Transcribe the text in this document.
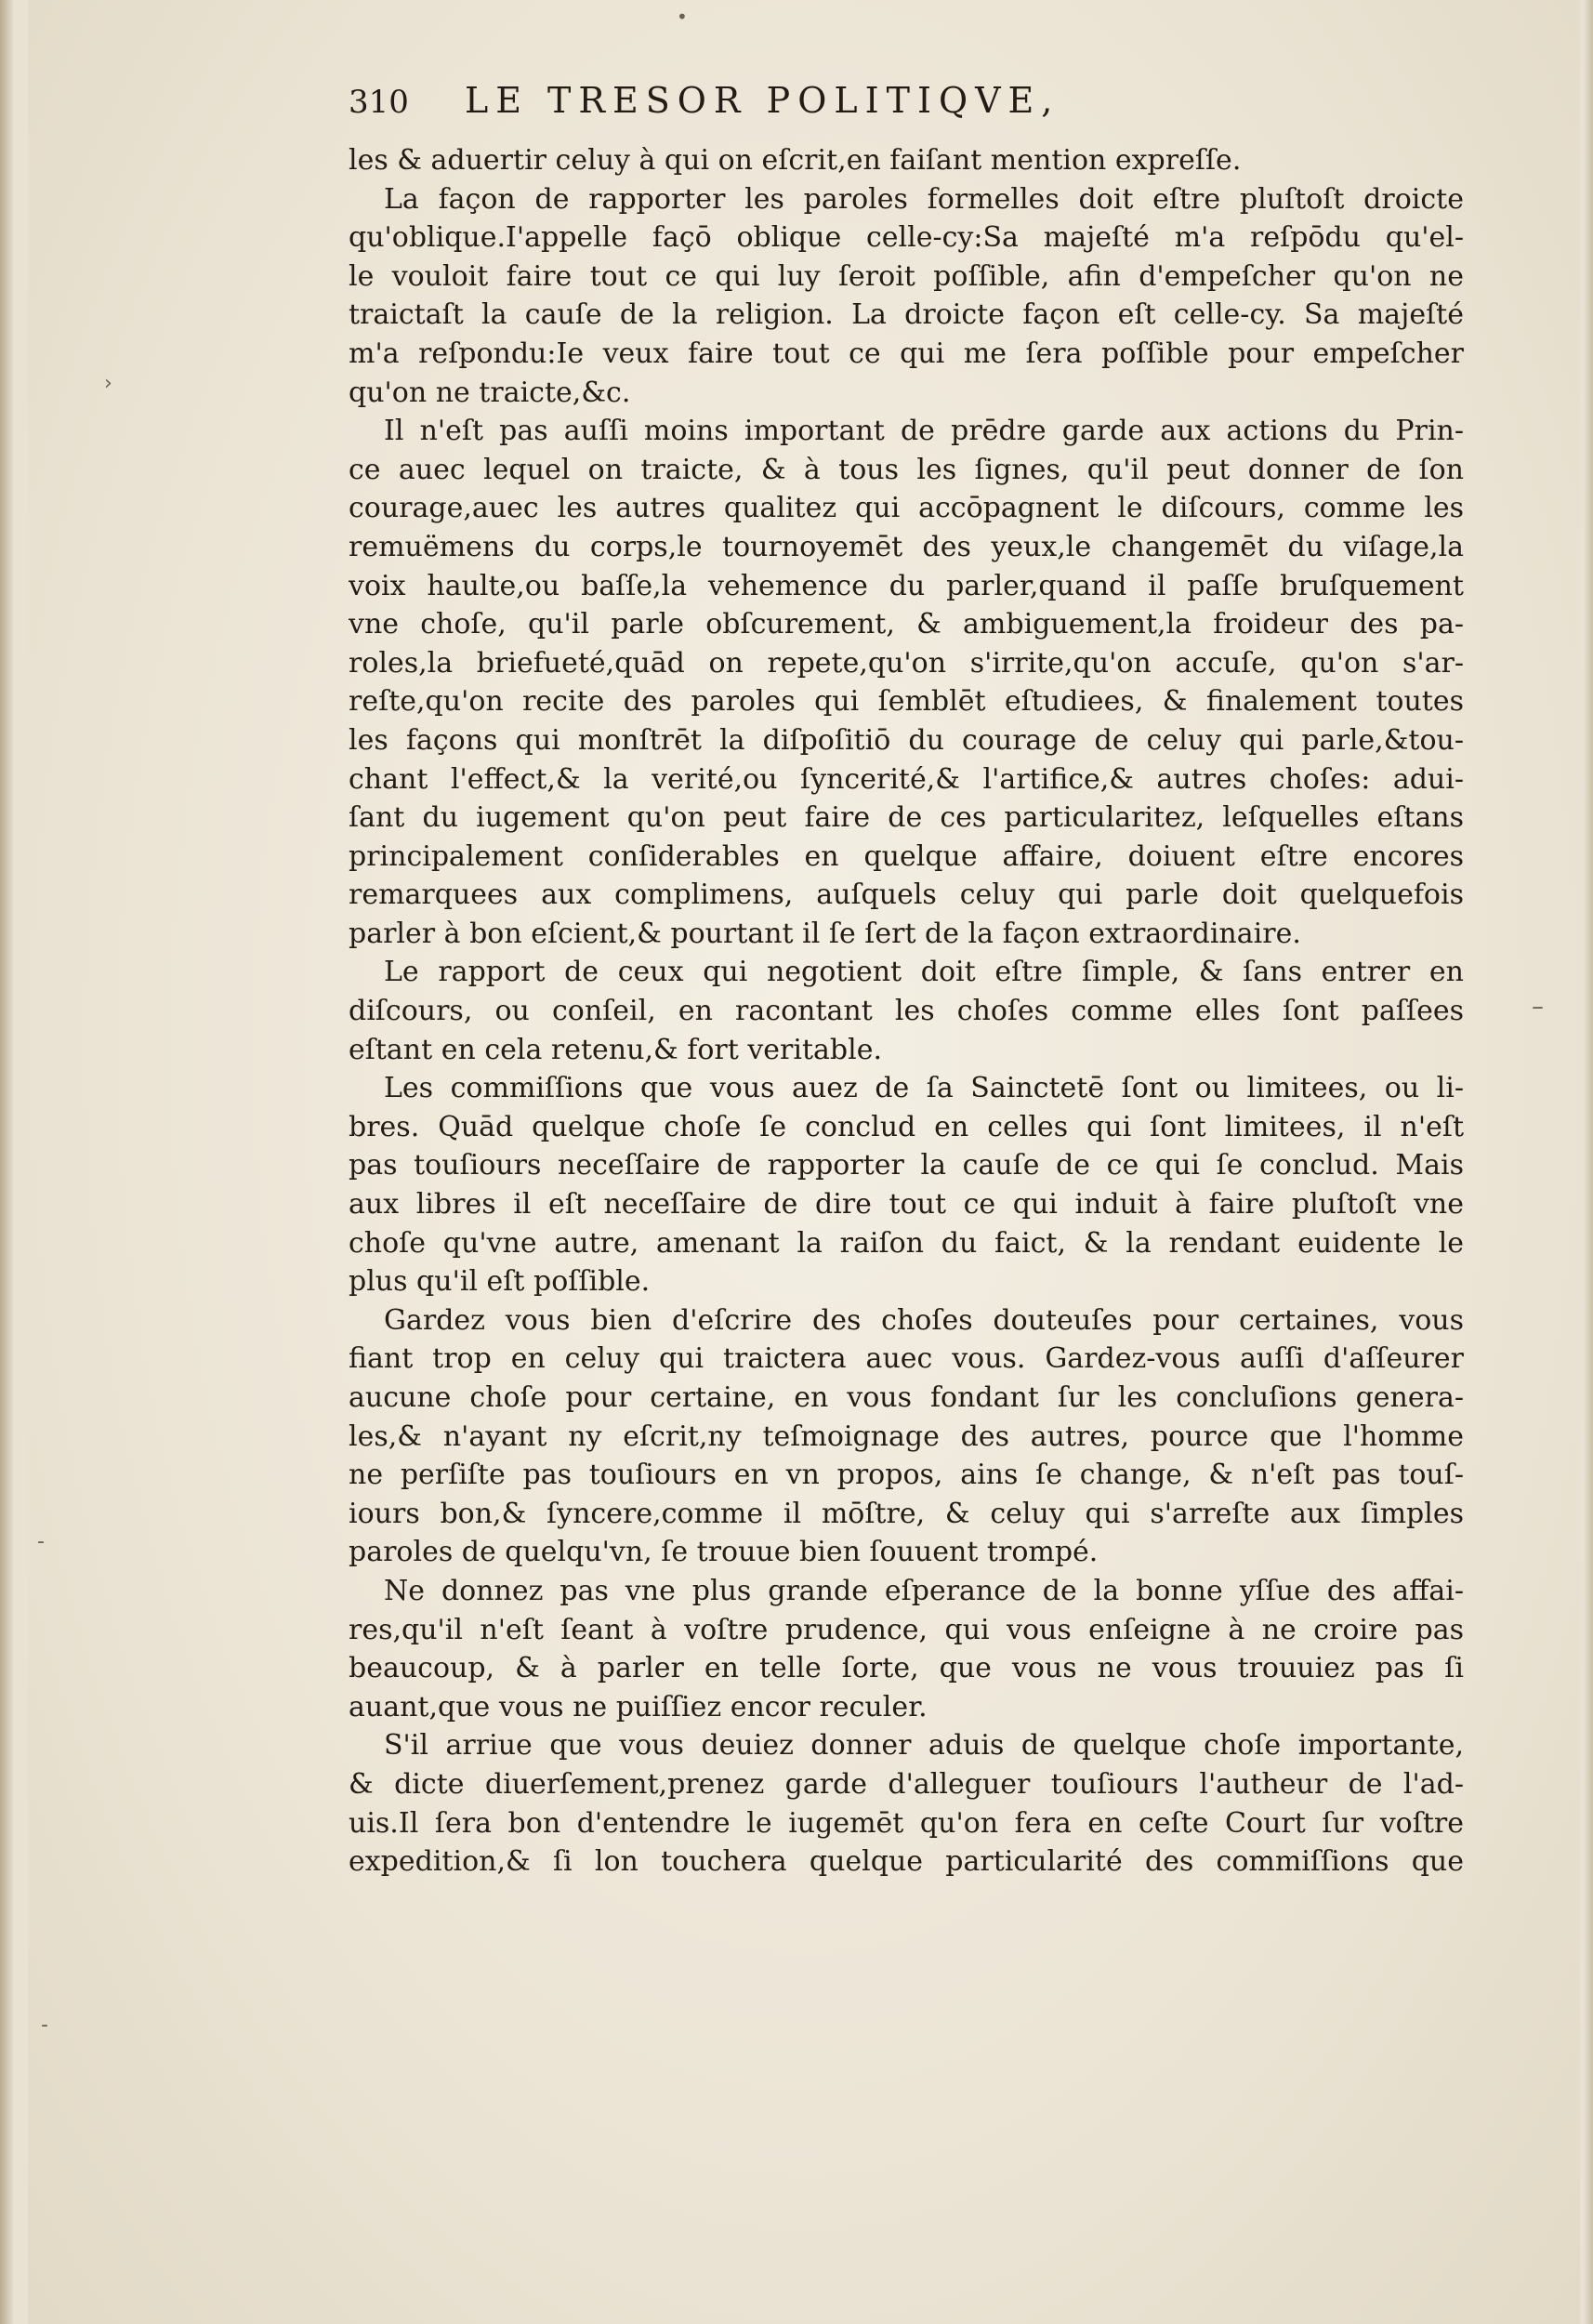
310	LE TRESOR POLITIQVE,
les & aduertir celuy à qui on eſcrit,en faiſant mention expreſſe.
La façon de rapporter les paroles formelles doit eſtre pluſtoſt droicte
qu'oblique.I'appelle façō oblique celle-cy:Sa majeſté m'a reſpōdu qu'el-
le vouloit faire tout ce qui luy ſeroit poſſible, afin d'empeſcher qu'on ne
traictaſt la cauſe de la religion. La droicte façon eſt celle-cy. Sa majeſté
m'a reſpondu:Ie veux faire tout ce qui me ſera poſſible pour empeſcher
qu'on ne traicte,&c.
Il n'eſt pas auſſi moins important de prēdre garde aux actions du Prin-
ce auec lequel on traicte, & à tous les ſignes, qu'il peut donner de ſon
courage,auec les autres qualitez qui accōpagnent le diſcours, comme les
remuëmens du corps,le tournoyemēt des yeux,le changemēt du viſage,la
voix haulte,ou baſſe,la vehemence du parler,quand il paſſe bruſquement
vne choſe, qu'il parle obſcurement, & ambiguement,la froideur des pa-
roles,la briefueté,quād on repete,qu'on s'irrite,qu'on accuſe, qu'on s'ar-
reſte,qu'on recite des paroles qui ſemblēt eſtudiees, & finalement toutes
les façons qui monſtrēt la diſpoſitiō du courage de celuy qui parle,&tou-
chant l'effect,& la verité,ou ſyncerité,& l'artifice,& autres choſes: adui-
ſant du iugement qu'on peut faire de ces particularitez, leſquelles eſtans
principalement conſiderables en quelque affaire, doiuent eſtre encores
remarquees aux complimens, auſquels celuy qui parle doit quelquefois
parler à bon eſcient,& pourtant il ſe ſert de la façon extraordinaire.
Le rapport de ceux qui negotient doit eſtre ſimple, & ſans entrer en
diſcours, ou conſeil, en racontant les choſes comme elles ſont paſſees
eſtant en cela retenu,& fort veritable.
Les commiſſions que vous auez de ſa Sainctetē ſont ou limitees, ou li-
bres. Quād quelque choſe ſe conclud en celles qui ſont limitees, il n'eſt
pas touſiours neceſſaire de rapporter la cauſe de ce qui ſe conclud. Mais
aux libres il eſt neceſſaire de dire tout ce qui induit à faire pluſtoſt vne
choſe qu'vne autre, amenant la raiſon du faict, & la rendant euidente le
plus qu'il eſt poſſible.
Gardez vous bien d'eſcrire des choſes douteuſes pour certaines, vous
fiant trop en celuy qui traictera auec vous. Gardez-vous auſſi d'aſſeurer
aucune choſe pour certaine, en vous fondant ſur les concluſions genera-
les,& n'ayant ny eſcrit,ny teſmoignage des autres, pource que l'homme
ne perſiſte pas touſiours en vn propos, ains ſe change, & n'eſt pas touſ-
iours bon,& ſyncere,comme il mōſtre, & celuy qui s'arreſte aux ſimples
paroles de quelqu'vn, ſe trouue bien ſouuent trompé.
Ne donnez pas vne plus grande eſperance de la bonne yſſue des affai-
res,qu'il n'eſt ſeant à voſtre prudence, qui vous enſeigne à ne croire pas
beaucoup, & à parler en telle ſorte, que vous ne vous trouuiez pas ſi
auant,que vous ne puiſſiez encor reculer.
S'il arriue que vous deuiez donner aduis de quelque choſe importante,
& dicte diuerſement,prenez garde d'alleguer touſiours l'autheur de l'ad-
uis.Il ſera bon d'entendre le iugemēt qu'on fera en ceſte Court ſur voſtre
expedition,& ſi lon touchera quelque particularité des commiſſions que
•
›
–
-
-
